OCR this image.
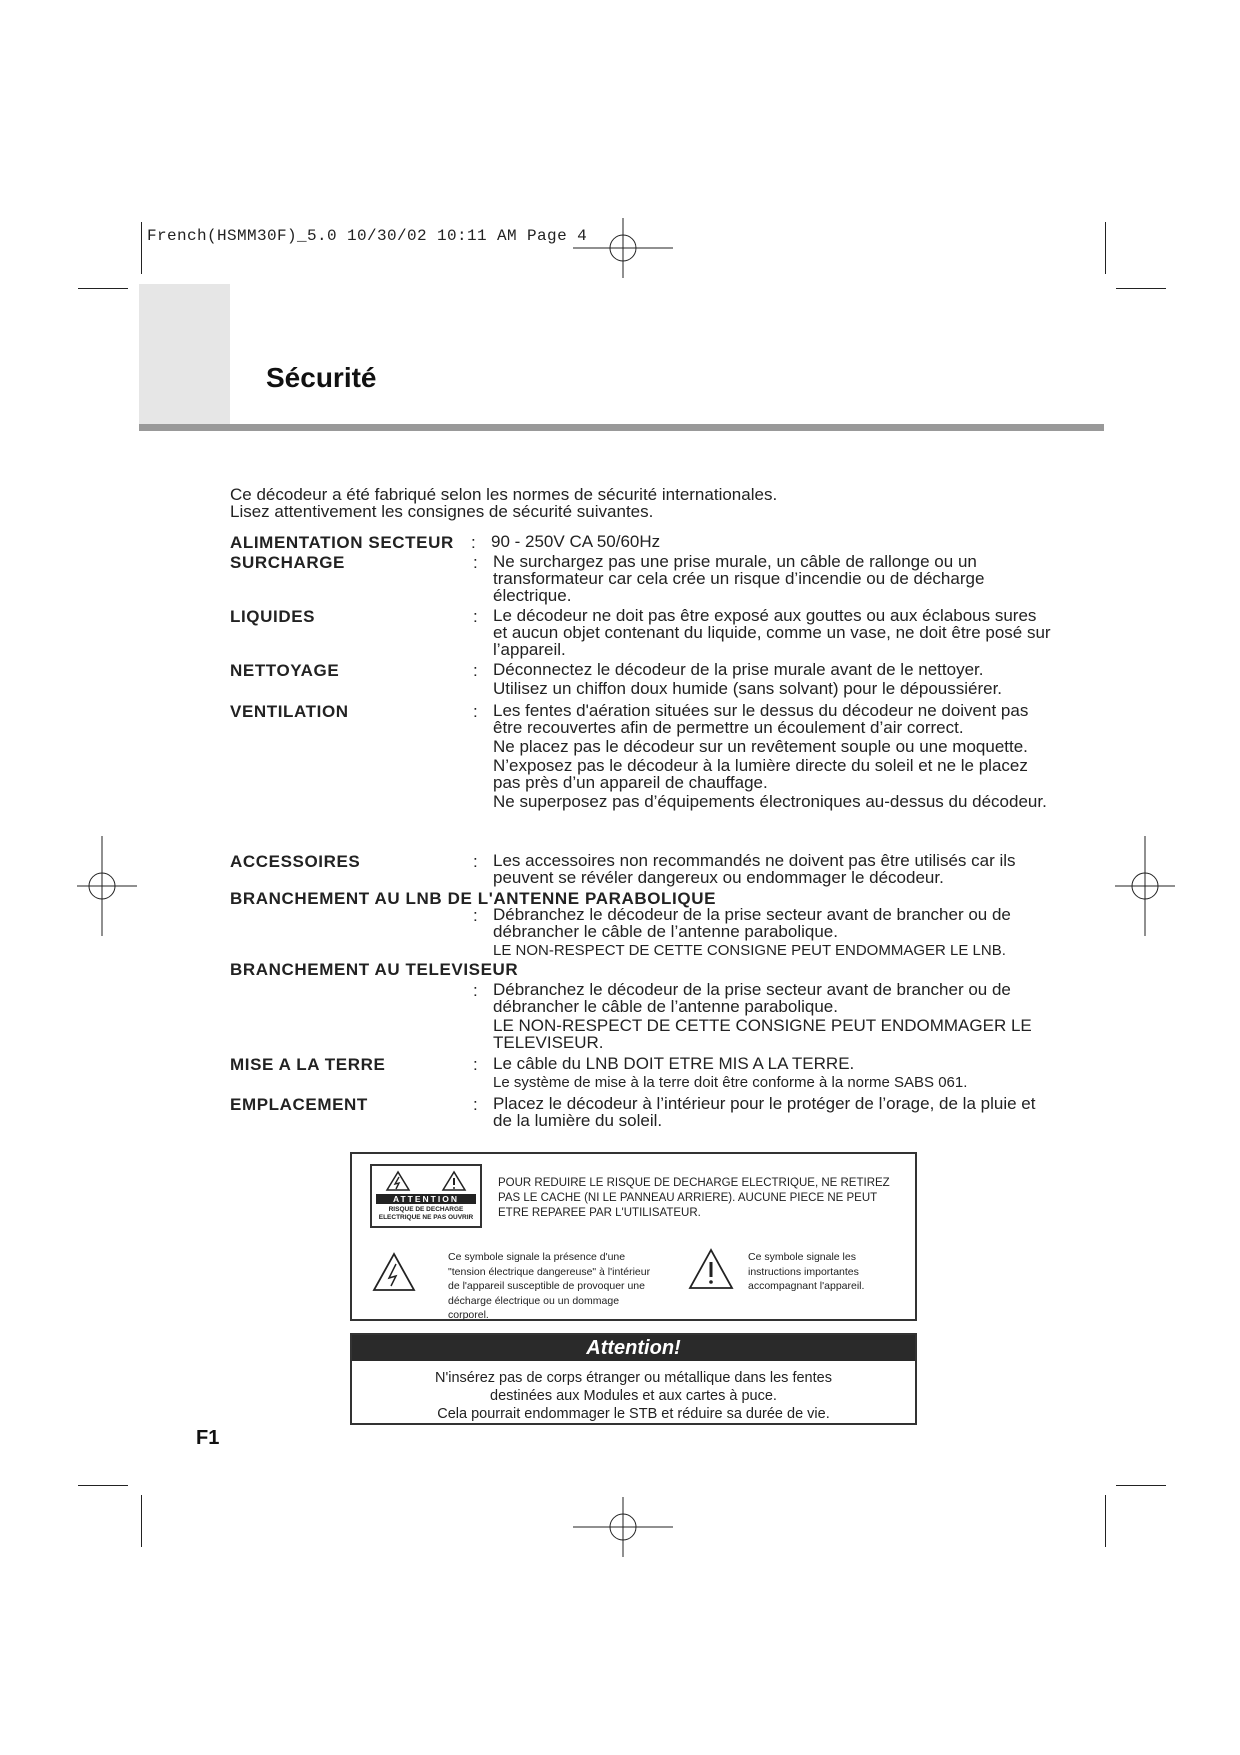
French(HSMM30F)_5.0 10/30/02 10:11 AM Page 4
Sécurité
Ce décodeur a été fabriqué selon les normes de sécurité internationales.
Lisez attentivement les consignes de sécurité suivantes.
ALIMENTATION SECTEUR : 90 - 250V CA 50/60Hz

SURCHARGE	: Ne surchargez pas une prise murale, un câble de rallonge ou un transformateur car cela crée un risque d’incendie ou de décharge électrique.

LIQUIDES	: Le décodeur ne doit pas être exposé aux gouttes ou aux éclabous sures et aucun objet contenant du liquide, comme un vase, ne doit être posé sur l’appareil.

NETTOYAGE	: Déconnectez le décodeur de la prise murale avant de le nettoyer.

Utilisez un chiffon doux humide (sans solvant) pour le dépoussiérer.

VENTILATION	: Les fentes d'aération situées sur le dessus du décodeur ne doivent pas être recouvertes afin de permettre un écoulement d’air correct.

Ne placez pas le décodeur sur un revêtement souple ou une moquette.

N’exposez pas le décodeur à la lumière directe du soleil et ne le placez pas près d’un appareil de chauffage.

Ne superposez pas d’équipements électroniques au-dessus du décodeur.

ACCESSOIRES	: Les accessoires non recommandés ne doivent pas être utilisés car ils peuvent se révéler dangereux ou endommager le décodeur.

BRANCHEMENT AU LNB DE L'ANTENNE PARABOLIQUE
: Débranchez le décodeur de la prise secteur avant de brancher ou de débrancher le câble de l’antenne parabolique.

LE NON-RESPECT DE CETTE CONSIGNE PEUT ENDOMMAGER LE LNB.

BRANCHEMENT AU TELEVISEUR
: Débranchez le décodeur de la prise secteur avant de brancher ou de débrancher le câble de l’antenne parabolique.

LE NON-RESPECT DE CETTE CONSIGNE PEUT ENDOMMAGER LE TELEVISEUR.

MISE A LA TERRE	: Le câble du LNB DOIT ETRE MIS A LA TERRE.

Le système de mise à la terre doit être conforme à la norme SABS 061.

EMPLACEMENT	: Placez le décodeur à l’intérieur pour le protéger de l’orage, de la pluie et de la lumière du soleil.

ATTENTION
RISQUE DE DECHARGE ELECTRIQUE NE PAS OUVRIR
POUR REDUIRE LE RISQUE DE DECHARGE ELECTRIQUE, NE RETIREZ PAS LE CACHE (NI LE PANNEAU ARRIERE). AUCUNE PIECE NE PEUT ETRE REPAREE PAR L'UTILISATEUR.
Ce symbole signale la présence d'une "tension électrique dangereuse" à l'intérieur de l'appareil susceptible de provoquer une décharge électrique ou un dommage corporel.
Ce symbole signale les instructions importantes accompagnant l'appareil.
Attention!
N'insérez pas de corps étranger ou métallique dans les fentes
destinées aux Modules et aux cartes à puce.
Cela pourrait endommager le STB et réduire sa durée de vie.
F1
